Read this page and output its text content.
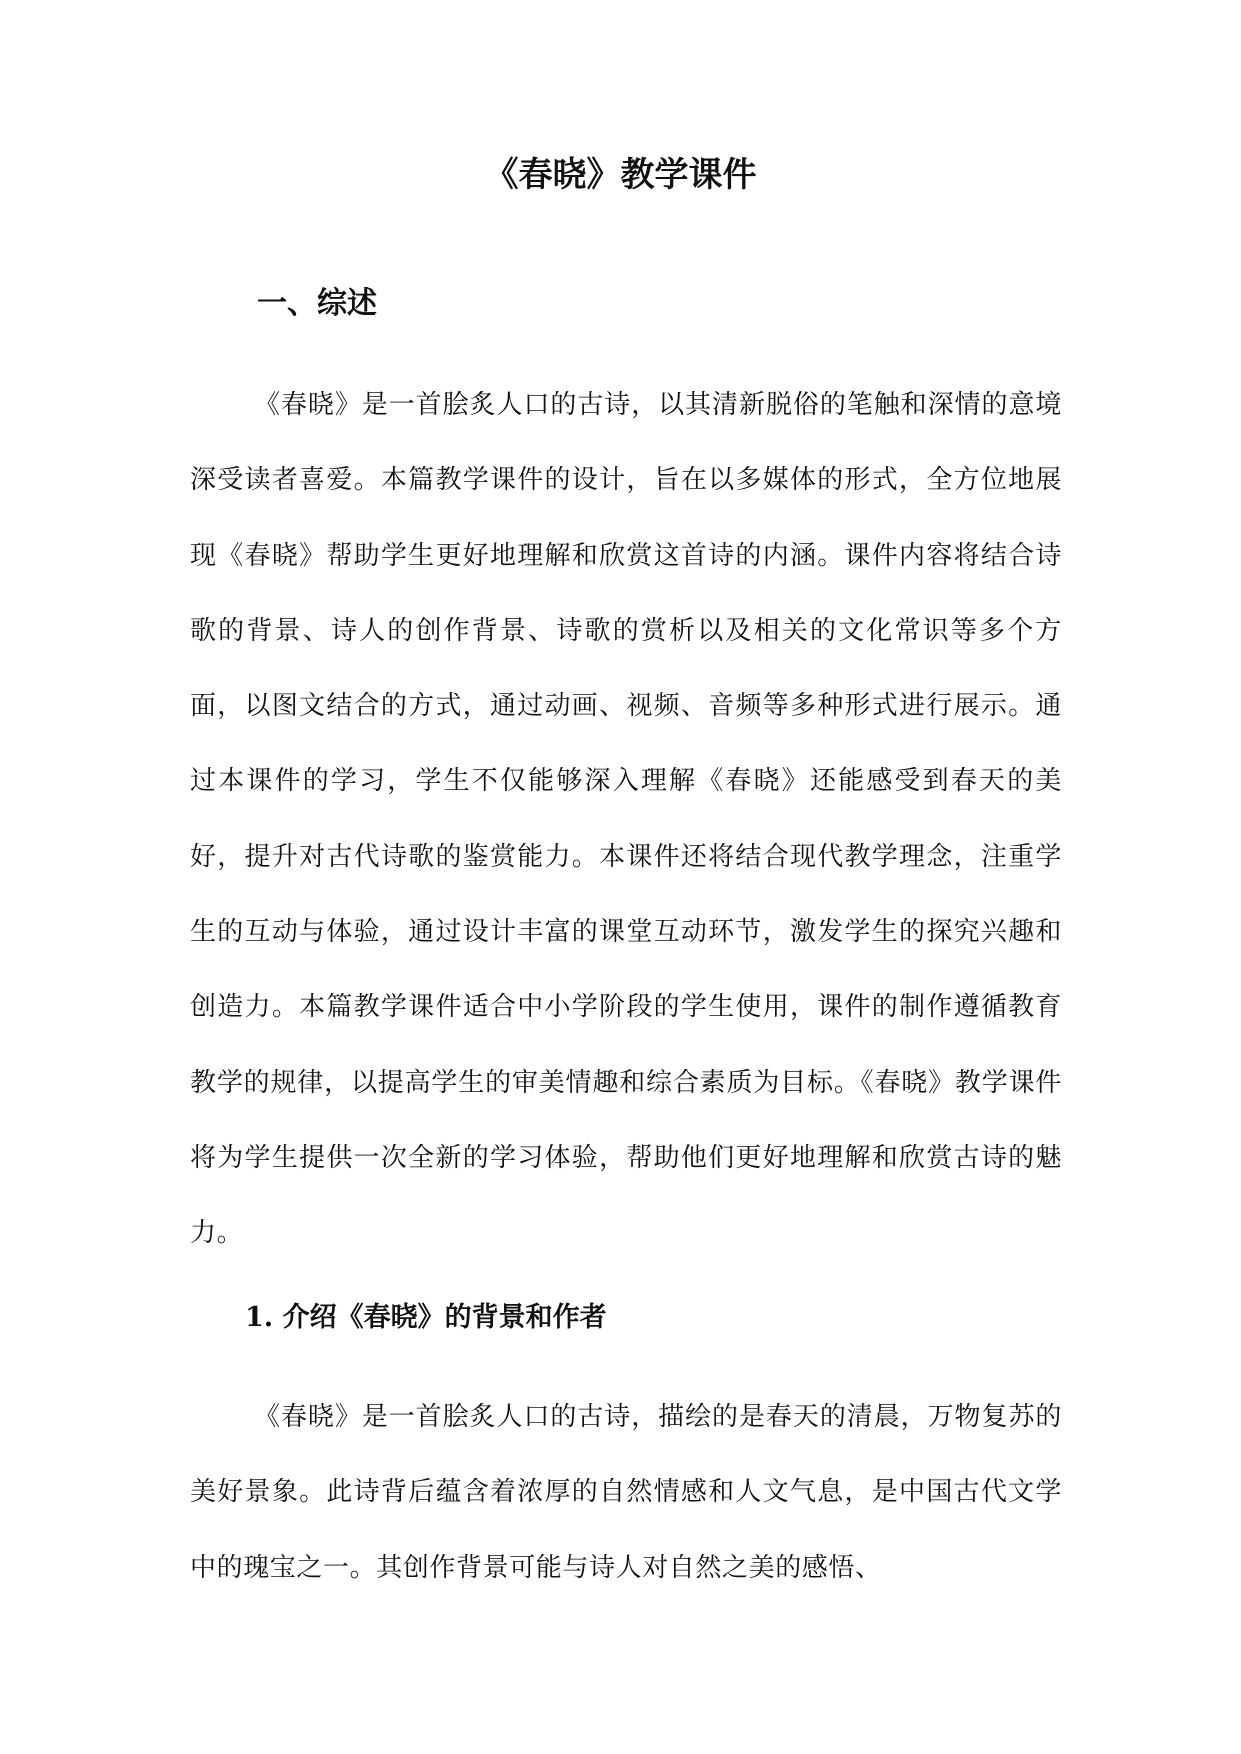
《春晓》教学课件
一、综述

《春晓》是一首脍炙人口的古诗，以其清新脱俗的笔触和深情的意境深受读者喜爱。本篇教学课件的设计，旨在以多媒体的形式，全方位地展现《春晓》帮助学生更好地理解和欣赏这首诗的内涵。课件内容将结合诗歌的背景、诗人的创作背景、诗歌的赏析以及相关的文化常识等多个方面，以图文结合的方式，通过动画、视频、音频等多种形式进行展示。通过本课件的学习，学生不仅能够深入理解《春晓》还能感受到春天的美好，提升对古代诗歌的鉴赏能力。本课件还将结合现代教学理念，注重学生的互动与体验，通过设计丰富的课堂互动环节，激发学生的探究兴趣和创造力。本篇教学课件适合中小学阶段的学生使用，课件的制作遵循教育教学的规律，以提高学生的审美情趣和综合素质为目标。《春晓》教学课件将为学生提供一次全新的学习体验，帮助他们更好地理解和欣赏古诗的魅力。

1. 介绍《春晓》的背景和作者

《春晓》是一首脍炙人口的古诗，描绘的是春天的清晨，万物复苏的美好景象。此诗背后蕴含着浓厚的自然情感和人文气息，是中国古代文学中的瑰宝之一。其创作背景可能与诗人对自然之美的感悟、
